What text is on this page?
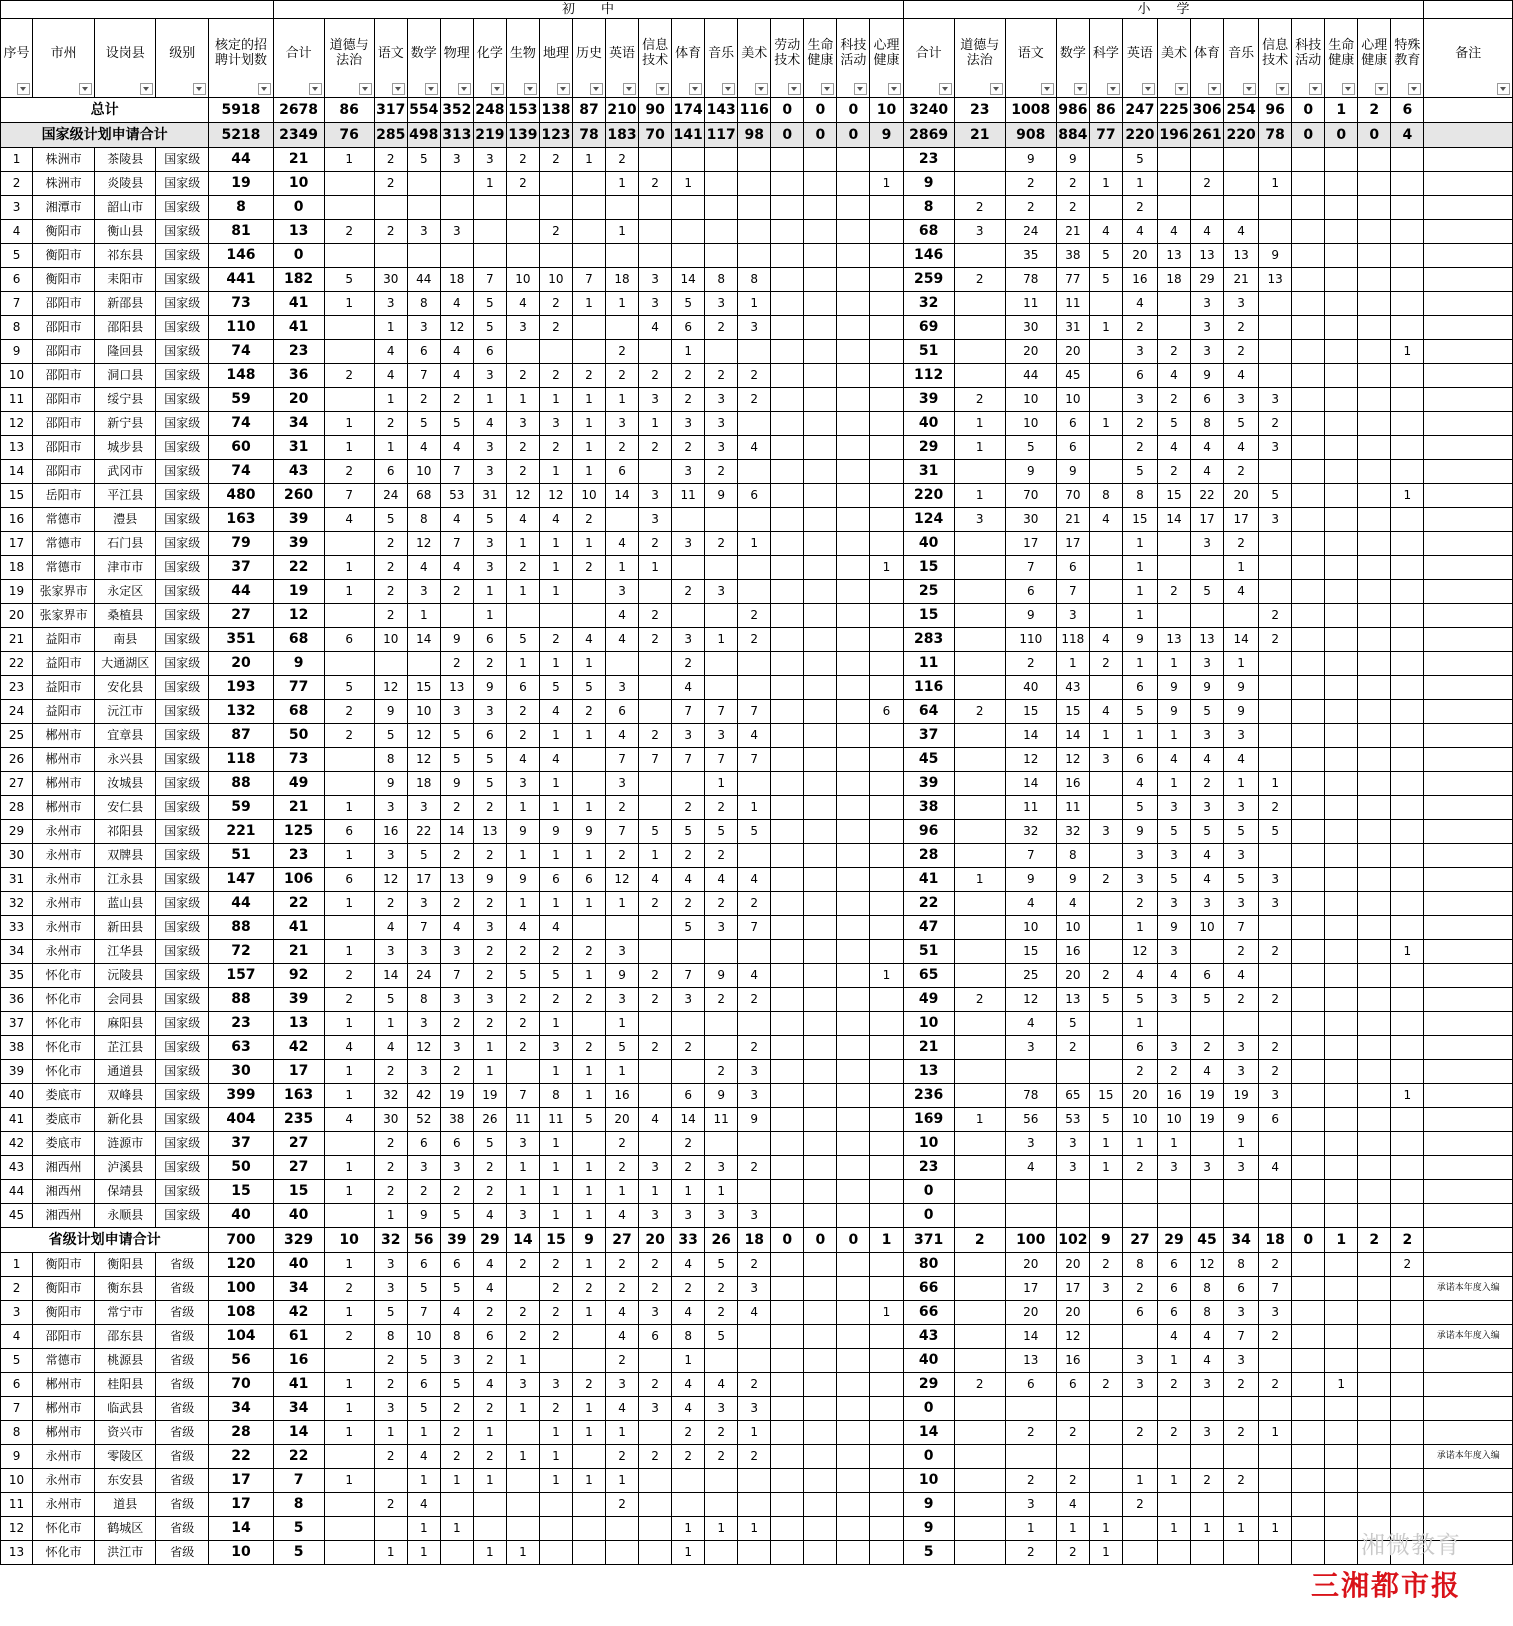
					初　　中																		小　　学														

序号	市州	设岗县	级别	核定的招聘计划数	合计	道德与法治	语文	数学	物理	化学	生物	地理	历史	英语	信息技术	体育	音乐	美术	劳动技术	生命健康	科技活动	心理健康	合计	道德与法治	语文	数学	科学	英语	美术	体育	音乐	信息技术	科技活动	生命健康	心理健康	特殊教育	备注

总计				5918	2678	86	317	554	352	248	153	138	87	210	90	174	143	116	0	0	0	10	3240	23	1008	986	86	247	225	306	254	96	0	1	2	6	
国家级计划申请合计				5218	2349	76	285	498	313	219	139	123	78	183	70	141	117	98	0	0	0	9	2869	21	908	884	77	220	196	261	220	78	0	0	0	4	
1	株洲市	茶陵县	国家级	44	21	1	2	5	3	3	2	2	1	2									23		9	9		5									
2	株洲市	炎陵县	国家级	19	10		2			1	2			1	2	1						1	9		2	2	1	1		2		1					
3	湘潭市	韶山市	国家级	8	0																		8	2	2	2		2									
4	衡阳市	衡山县	国家级	81	13	2	2	3	3			2		1									68	3	24	21	4	4	4	4	4						
5	衡阳市	祁东县	国家级	146	0																		146		35	38	5	20	13	13	13	9					
6	衡阳市	耒阳市	国家级	441	182	5	30	44	18	7	10	10	7	18	3	14	8	8					259	2	78	77	5	16	18	29	21	13					
7	邵阳市	新邵县	国家级	73	41	1	3	8	4	5	4	2	1	1	3	5	3	1					32		11	11		4		3	3						
8	邵阳市	邵阳县	国家级	110	41		1	3	12	5	3	2			4	6	2	3					69		30	31	1	2		3	2						
9	邵阳市	隆回县	国家级	74	23		4	6	4	6				2		1							51		20	20		3	2	3	2					1	
10	邵阳市	洞口县	国家级	148	36	2	4	7	4	3	2	2	2	2	2	2	2	2					112		44	45		6	4	9	4						
11	邵阳市	绥宁县	国家级	59	20		1	2	2	1	1	1	1	1	3	2	3	2					39	2	10	10		3	2	6	3	3					
12	邵阳市	新宁县	国家级	74	34	1	2	5	5	4	3	3	1	3	1	3	3						40	1	10	6	1	2	5	8	5	2					
13	邵阳市	城步县	国家级	60	31	1	1	4	4	3	2	2	1	2	2	2	3	4					29	1	5	6		2	4	4	4	3					
14	邵阳市	武冈市	国家级	74	43	2	6	10	7	3	2	1	1	6		3	2						31		9	9		5	2	4	2						
15	岳阳市	平江县	国家级	480	260	7	24	68	53	31	12	12	10	14	3	11	9	6					220	1	70	70	8	8	15	22	20	5				1	
16	常德市	澧县	国家级	163	39	4	5	8	4	5	4	4	2		3								124	3	30	21	4	15	14	17	17	3					
17	常德市	石门县	国家级	79	39		2	12	7	3	1	1	1	4	2	3	2	1					40		17	17		1		3	2						
18	常德市	津市市	国家级	37	22	1	2	4	4	3	2	1	2	1	1							1	15		7	6		1			1						
19	张家界市	永定区	国家级	44	19	1	2	3	2	1	1	1		3		2	3						25		6	7		1	2	5	4						
20	张家界市	桑植县	国家级	27	12		2	1		1				4	2			2					15		9	3		1				2					
21	益阳市	南县	国家级	351	68	6	10	14	9	6	5	2	4	4	2	3	1	2					283		110	118	4	9	13	13	14	2					
22	益阳市	大通湖区	国家级	20	9				2	2	1	1	1			2							11		2	1	2	1	1	3	1						
23	益阳市	安化县	国家级	193	77	5	12	15	13	9	6	5	5	3		4							116		40	43		6	9	9	9						
24	益阳市	沅江市	国家级	132	68	2	9	10	3	3	2	4	2	6		7	7	7				6	64	2	15	15	4	5	9	5	9						
25	郴州市	宜章县	国家级	87	50	2	5	12	5	6	2	1	1	4	2	3	3	4					37		14	14	1	1	1	3	3						
26	郴州市	永兴县	国家级	118	73		8	12	5	5	4	4		7	7	7	7	7					45		12	12	3	6	4	4	4						
27	郴州市	汝城县	国家级	88	49		9	18	9	5	3	1		3			1						39		14	16		4	1	2	1	1					
28	郴州市	安仁县	国家级	59	21	1	3	3	2	2	1	1	1	2		2	2	1					38		11	11		5	3	3	3	2					
29	永州市	祁阳县	国家级	221	125	6	16	22	14	13	9	9	9	7	5	5	5	5					96		32	32	3	9	5	5	5	5					
30	永州市	双牌县	国家级	51	23	1	3	5	2	2	1	1	1	2	1	2	2						28		7	8		3	3	4	3						
31	永州市	江永县	国家级	147	106	6	12	17	13	9	9	6	6	12	4	4	4	4					41	1	9	9	2	3	5	4	5	3					
32	永州市	蓝山县	国家级	44	22	1	2	3	2	2	1	1	1	1	2	2	2	2					22		4	4		2	3	3	3	3					
33	永州市	新田县	国家级	88	41		4	7	4	3	4	4				5	3	7					47		10	10		1	9	10	7						
34	永州市	江华县	国家级	72	21	1	3	3	3	2	2	2	2	3									51		15	16		12	3		2	2				1	
35	怀化市	沅陵县	国家级	157	92	2	14	24	7	2	5	5	1	9	2	7	9	4				1	65		25	20	2	4	4	6	4						
36	怀化市	会同县	国家级	88	39	2	5	8	3	3	2	2	2	3	2	3	2	2					49	2	12	13	5	5	3	5	2	2					
37	怀化市	麻阳县	国家级	23	13	1	1	3	2	2	2	1		1									10		4	5		1									
38	怀化市	芷江县	国家级	63	42	4	4	12	3	1	2	3	2	5	2	2		2					21		3	2		6	3	2	3	2					
39	怀化市	通道县	国家级	30	17	1	2	3	2	1		1	1	1			2	3					13					2	2	4	3	2					
40	娄底市	双峰县	国家级	399	163	1	32	42	19	19	7	8	1	16		6	9	3					236		78	65	15	20	16	19	19	3				1	
41	娄底市	新化县	国家级	404	235	4	30	52	38	26	11	11	5	20	4	14	11	9					169	1	56	53	5	10	10	19	9	6					
42	娄底市	涟源市	国家级	37	27		2	6	6	5	3	1		2		2							10		3	3	1	1	1		1						
43	湘西州	泸溪县	国家级	50	27	1	2	3	3	2	1	1	1	2	3	2	3	2					23		4	3	1	2	3	3	3	4					
44	湘西州	保靖县	国家级	15	15	1	2	2	2	2	1	1	1	1	1	1	1						0														
45	湘西州	永顺县	国家级	40	40		1	9	5	4	3	1	1	4	3	3	3	3					0														
省级计划申请合计				700	329	10	32	56	39	29	14	15	9	27	20	33	26	18	0	0	0	1	371	2	100	102	9	27	29	45	34	18	0	1	2	2	
1	衡阳市	衡阳县	省级	120	40	1	3	6	6	4	2	2	1	2	2	4	5	2					80		20	20	2	8	6	12	8	2				2	
2	衡阳市	衡东县	省级	100	34	2	3	5	5	4		2	2	2	2	2	2	3					66		17	17	3	2	6	8	6	7					承诺本年度入编
3	衡阳市	常宁市	省级	108	42	1	5	7	4	2	2	2	1	4	3	4	2	4				1	66		20	20		6	6	8	3	3					
4	邵阳市	邵东县	省级	104	61	2	8	10	8	6	2	2		4	6	8	5						43		14	12			4	4	7	2					承诺本年度入编
5	常德市	桃源县	省级	56	16		2	5	3	2	1			2		1							40		13	16		3	1	4	3						
6	郴州市	桂阳县	省级	70	41	1	2	6	5	4	3	3	2	3	2	4	4	2					29	2	6	6	2	3	2	3	2	2		1			
7	郴州市	临武县	省级	34	34	1	3	5	2	2	1	2	1	4	3	4	3	3					0														
8	郴州市	资兴市	省级	28	14	1	1	1	2	1		1	1	1		2	2	1					14		2	2		2	2	3	2	1					
9	永州市	零陵区	省级	22	22		2	4	2	2	1	1		2	2	2	2	2					0														承诺本年度入编
10	永州市	东安县	省级	17	7	1		1	1	1		1	1	1									10		2	2		1	1	2	2						
11	永州市	道县	省级	17	8		2	4						2									9		3	4		2									
12	怀化市	鹤城区	省级	14	5			1	1							1	1	1					9		1	1	1		1	1	1	1					
13	怀化市	洪江市	省级	10	5		1	1		1	1					1							5		2	2	1											湘微教育
三湘都市报
